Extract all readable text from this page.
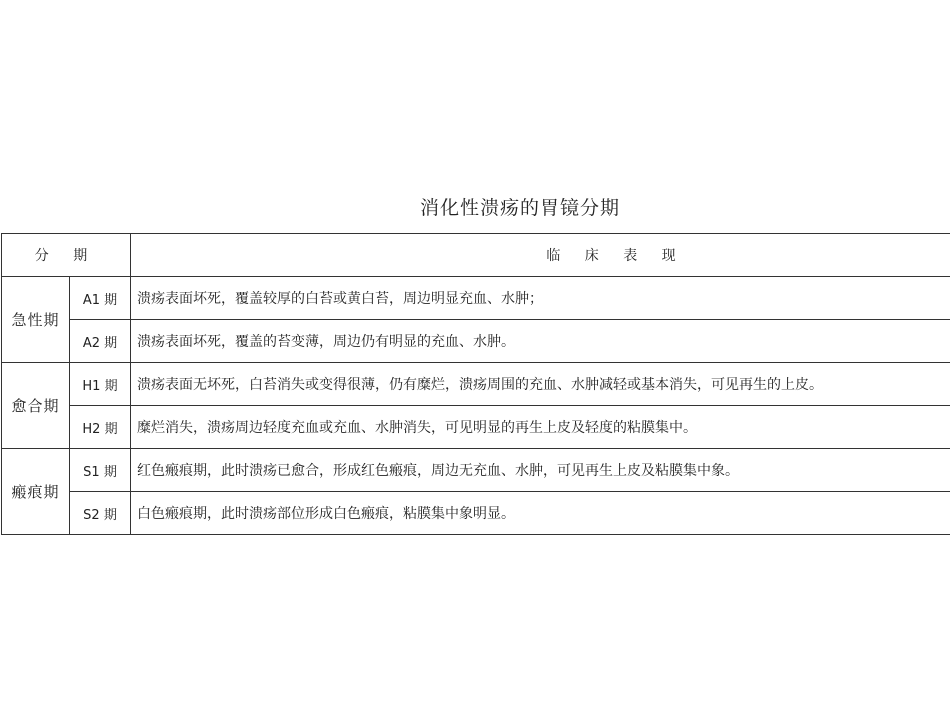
消化性溃疡的胃镜分期
分 期		临 床 表 现
急性期	A1 期	溃疡表面坏死，覆盖较厚的白苔或黄白苔，周边明显充血、水肿；
	A2 期	溃疡表面坏死，覆盖的苔变薄，周边仍有明显的充血、水肿。
愈合期	H1 期	溃疡表面无坏死，白苔消失或变得很薄，仍有糜烂，溃疡周围的充血、水肿减轻或基本消失，可见再生的上皮。
	H2 期	糜烂消失，溃疡周边轻度充血或充血、水肿消失，可见明显的再生上皮及轻度的粘膜集中。
瘢痕期	S1 期	红色瘢痕期，此时溃疡已愈合，形成红色瘢痕，周边无充血、水肿，可见再生上皮及粘膜集中象。
	S2 期	白色瘢痕期，此时溃疡部位形成白色瘢痕，粘膜集中象明显。
